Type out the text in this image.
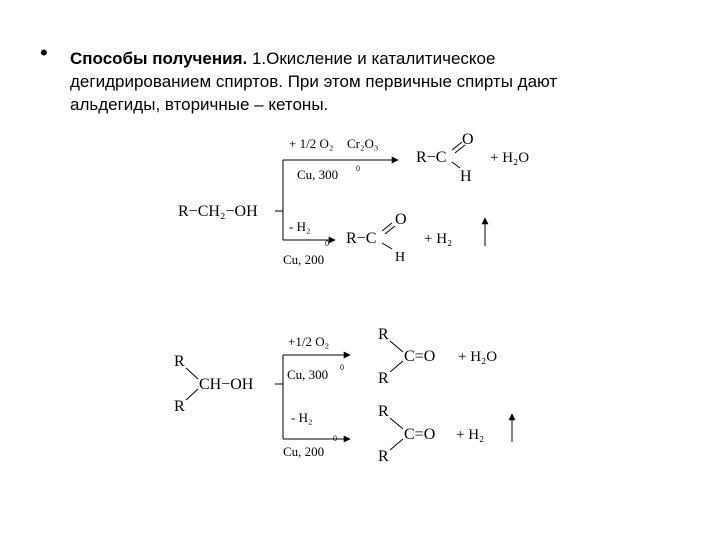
• Способы получения. 1.Окисление и каталитическое
дегидрированием спиртов. При этом первичные спирты дают
альдегиды, вторичные – кетоны.
R−CH₂−OH
+ 1/2 O₂ Cr₂O₃
Cu, 300 0
- H₂
Cu, 200
0
R−C
O
H
+ H₂O
R−C
O
H
+ H₂
R
R
CH−OH
+1/2 O₂
Cu, 300 0
- H₂
Cu, 200
0
R
R
C=O + H₂O
R
R
C=O + H₂
